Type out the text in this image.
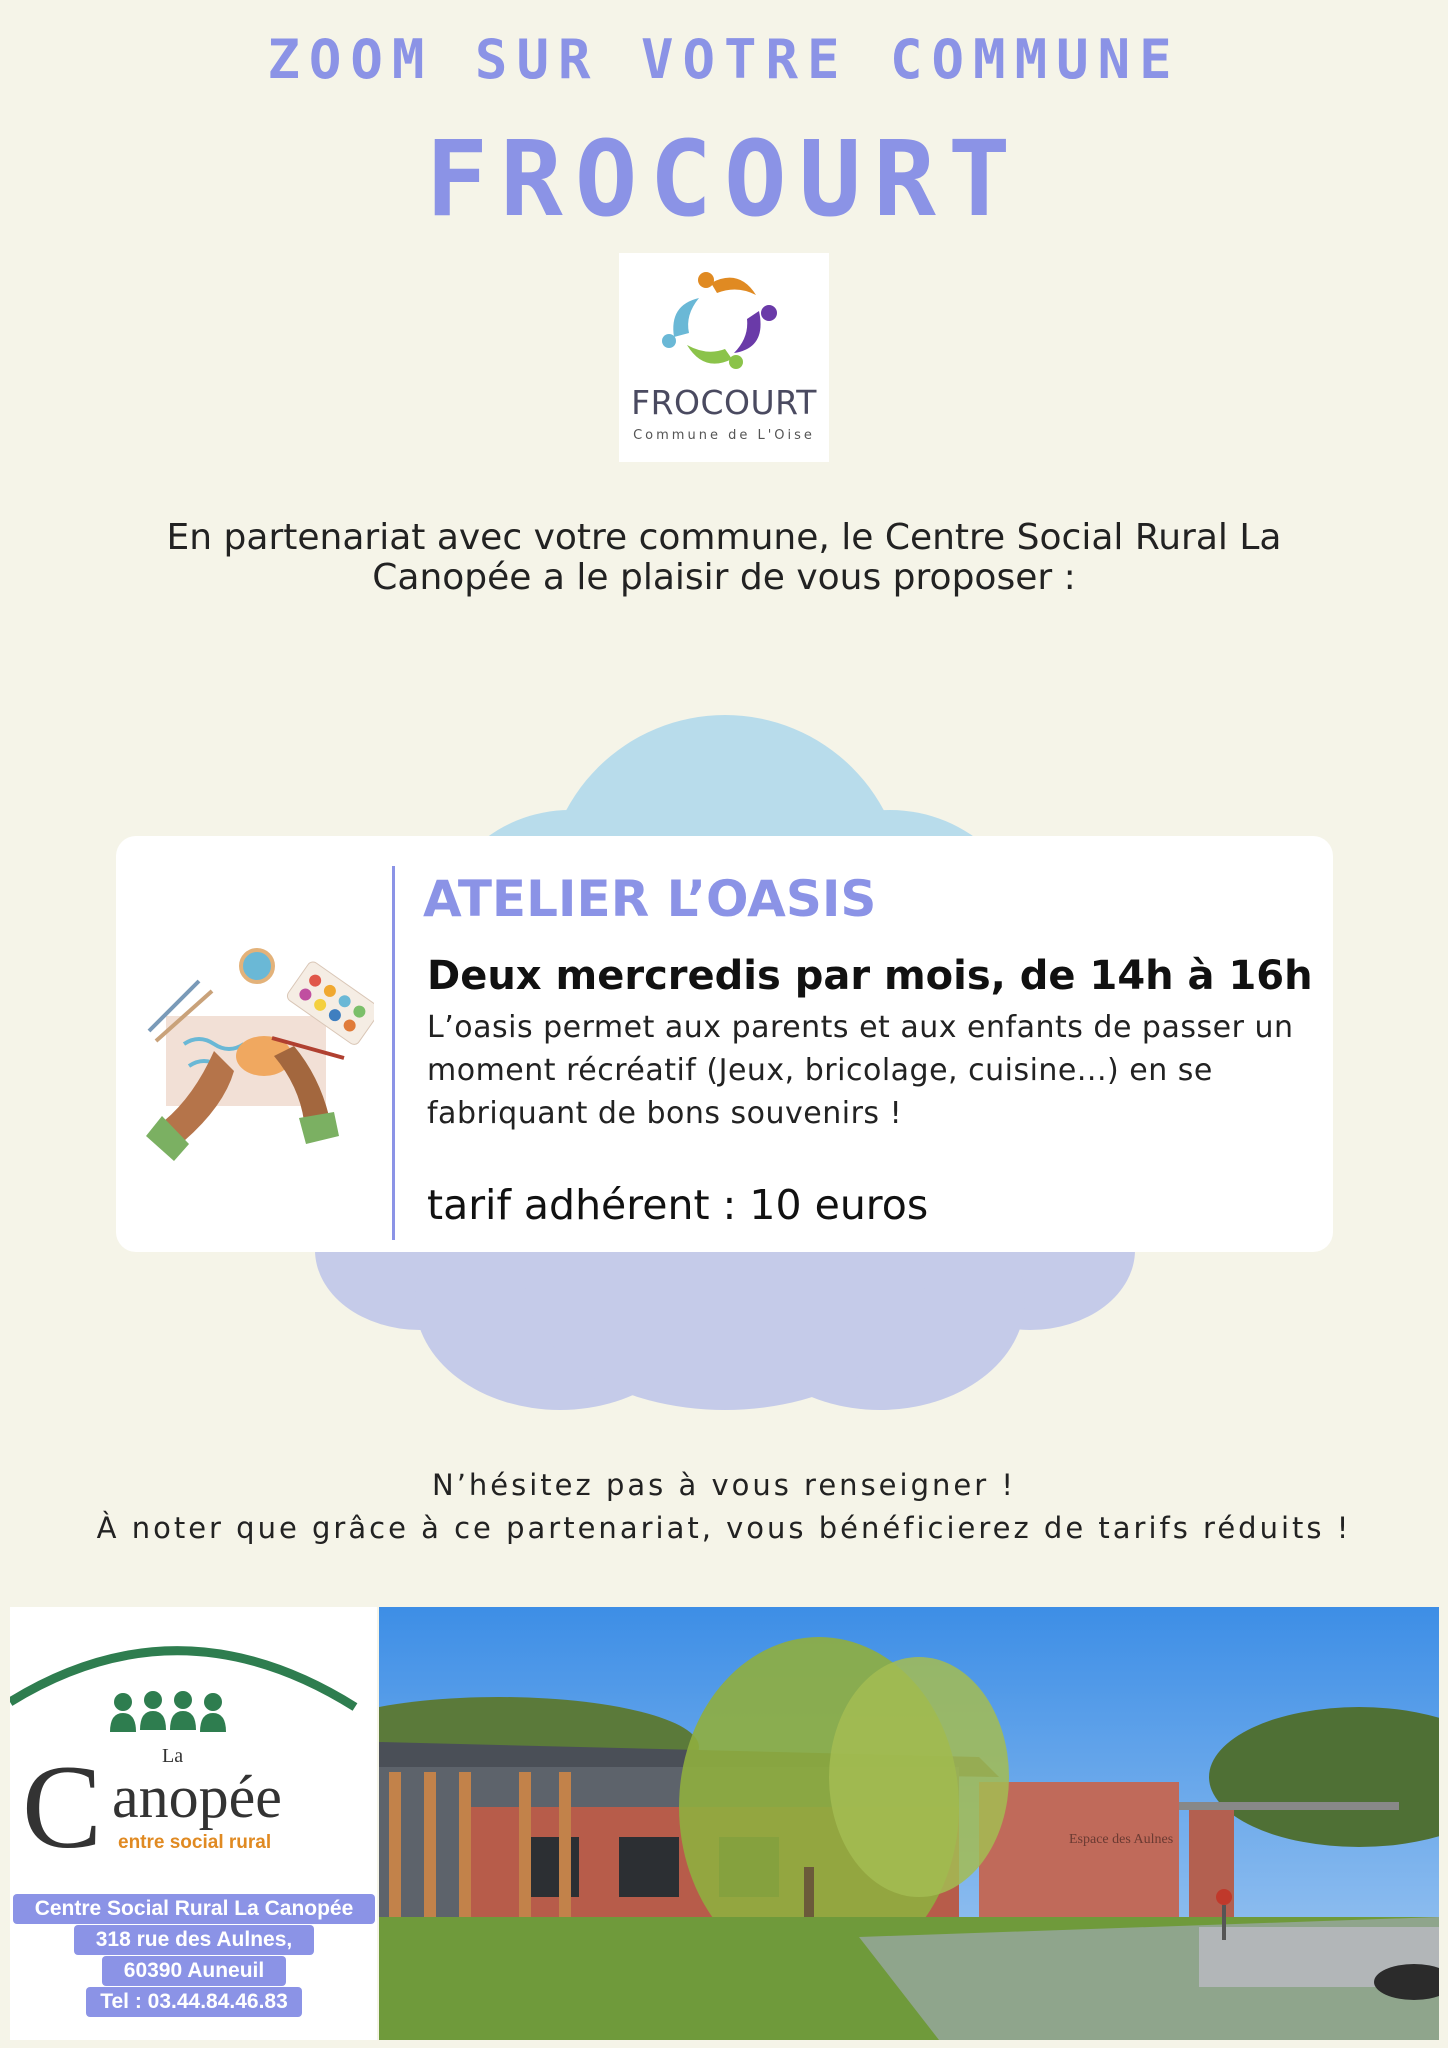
ZOOM SUR VOTRE COMMUNE
FROCOURT
FROCOURT
Commune de L'Oise
En partenariat avec votre commune, le Centre Social Rural La
Canopée a le plaisir de vous proposer :
ATELIER L’OASIS
Deux mercredis par mois, de 14h à 16h
L’oasis permet aux parents et aux enfants de passer un
moment récréatif (Jeux, bricolage, cuisine...) en se
fabriquant de bons souvenirs !
tarif adhérent : 10 euros
N’hésitez pas à vous renseigner !
À noter que grâce à ce partenariat, vous bénéficierez de tarifs réduits !
La
C anopée
entre social rural
Centre Social Rural La Canopée
318 rue des Aulnes,
60390 Auneuil
Tel : 03.44.84.46.83
Espace des Aulnes
